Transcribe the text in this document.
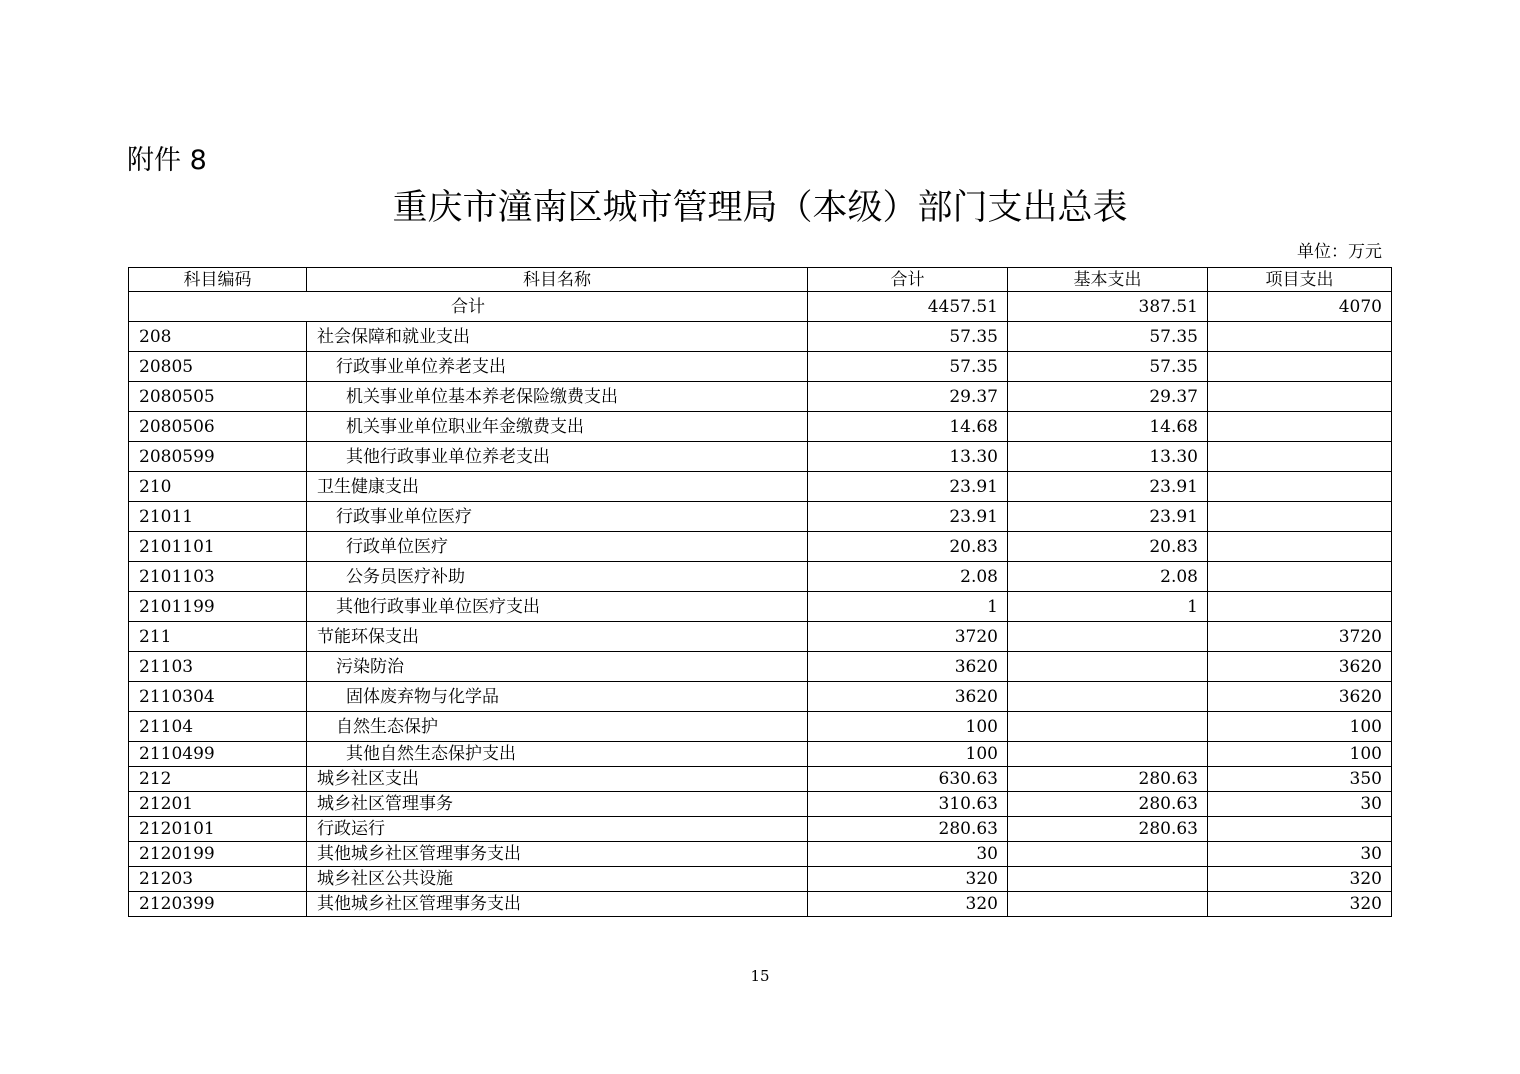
附件 8
重庆市潼南区城市管理局（本级）部门支出总表
单位：万元
科目编码	科目名称	合计	基本支出	项目支出
合计		4457.51	387.51	4070
208	社会保障和就业支出	57.35	57.35	
20805	行政事业单位养老支出	57.35	57.35	
2080505	机关事业单位基本养老保险缴费支出	29.37	29.37	
2080506	机关事业单位职业年金缴费支出	14.68	14.68	
2080599	其他行政事业单位养老支出	13.30	13.30	
210	卫生健康支出	23.91	23.91	
21011	行政事业单位医疗	23.91	23.91	
2101101	行政单位医疗	20.83	20.83	
2101103	公务员医疗补助	2.08	2.08	
2101199	其他行政事业单位医疗支出	1	1	
211	节能环保支出	3720		3720
21103	污染防治	3620		3620
2110304	固体废弃物与化学品	3620		3620
21104	自然生态保护	100		100
2110499	其他自然生态保护支出	100		100
212	城乡社区支出	630.63	280.63	350
21201	城乡社区管理事务	310.63	280.63	30
2120101	行政运行	280.63	280.63	
2120199	其他城乡社区管理事务支出	30		30
21203	城乡社区公共设施	320		320
2120399	其他城乡社区管理事务支出	320		320
15
